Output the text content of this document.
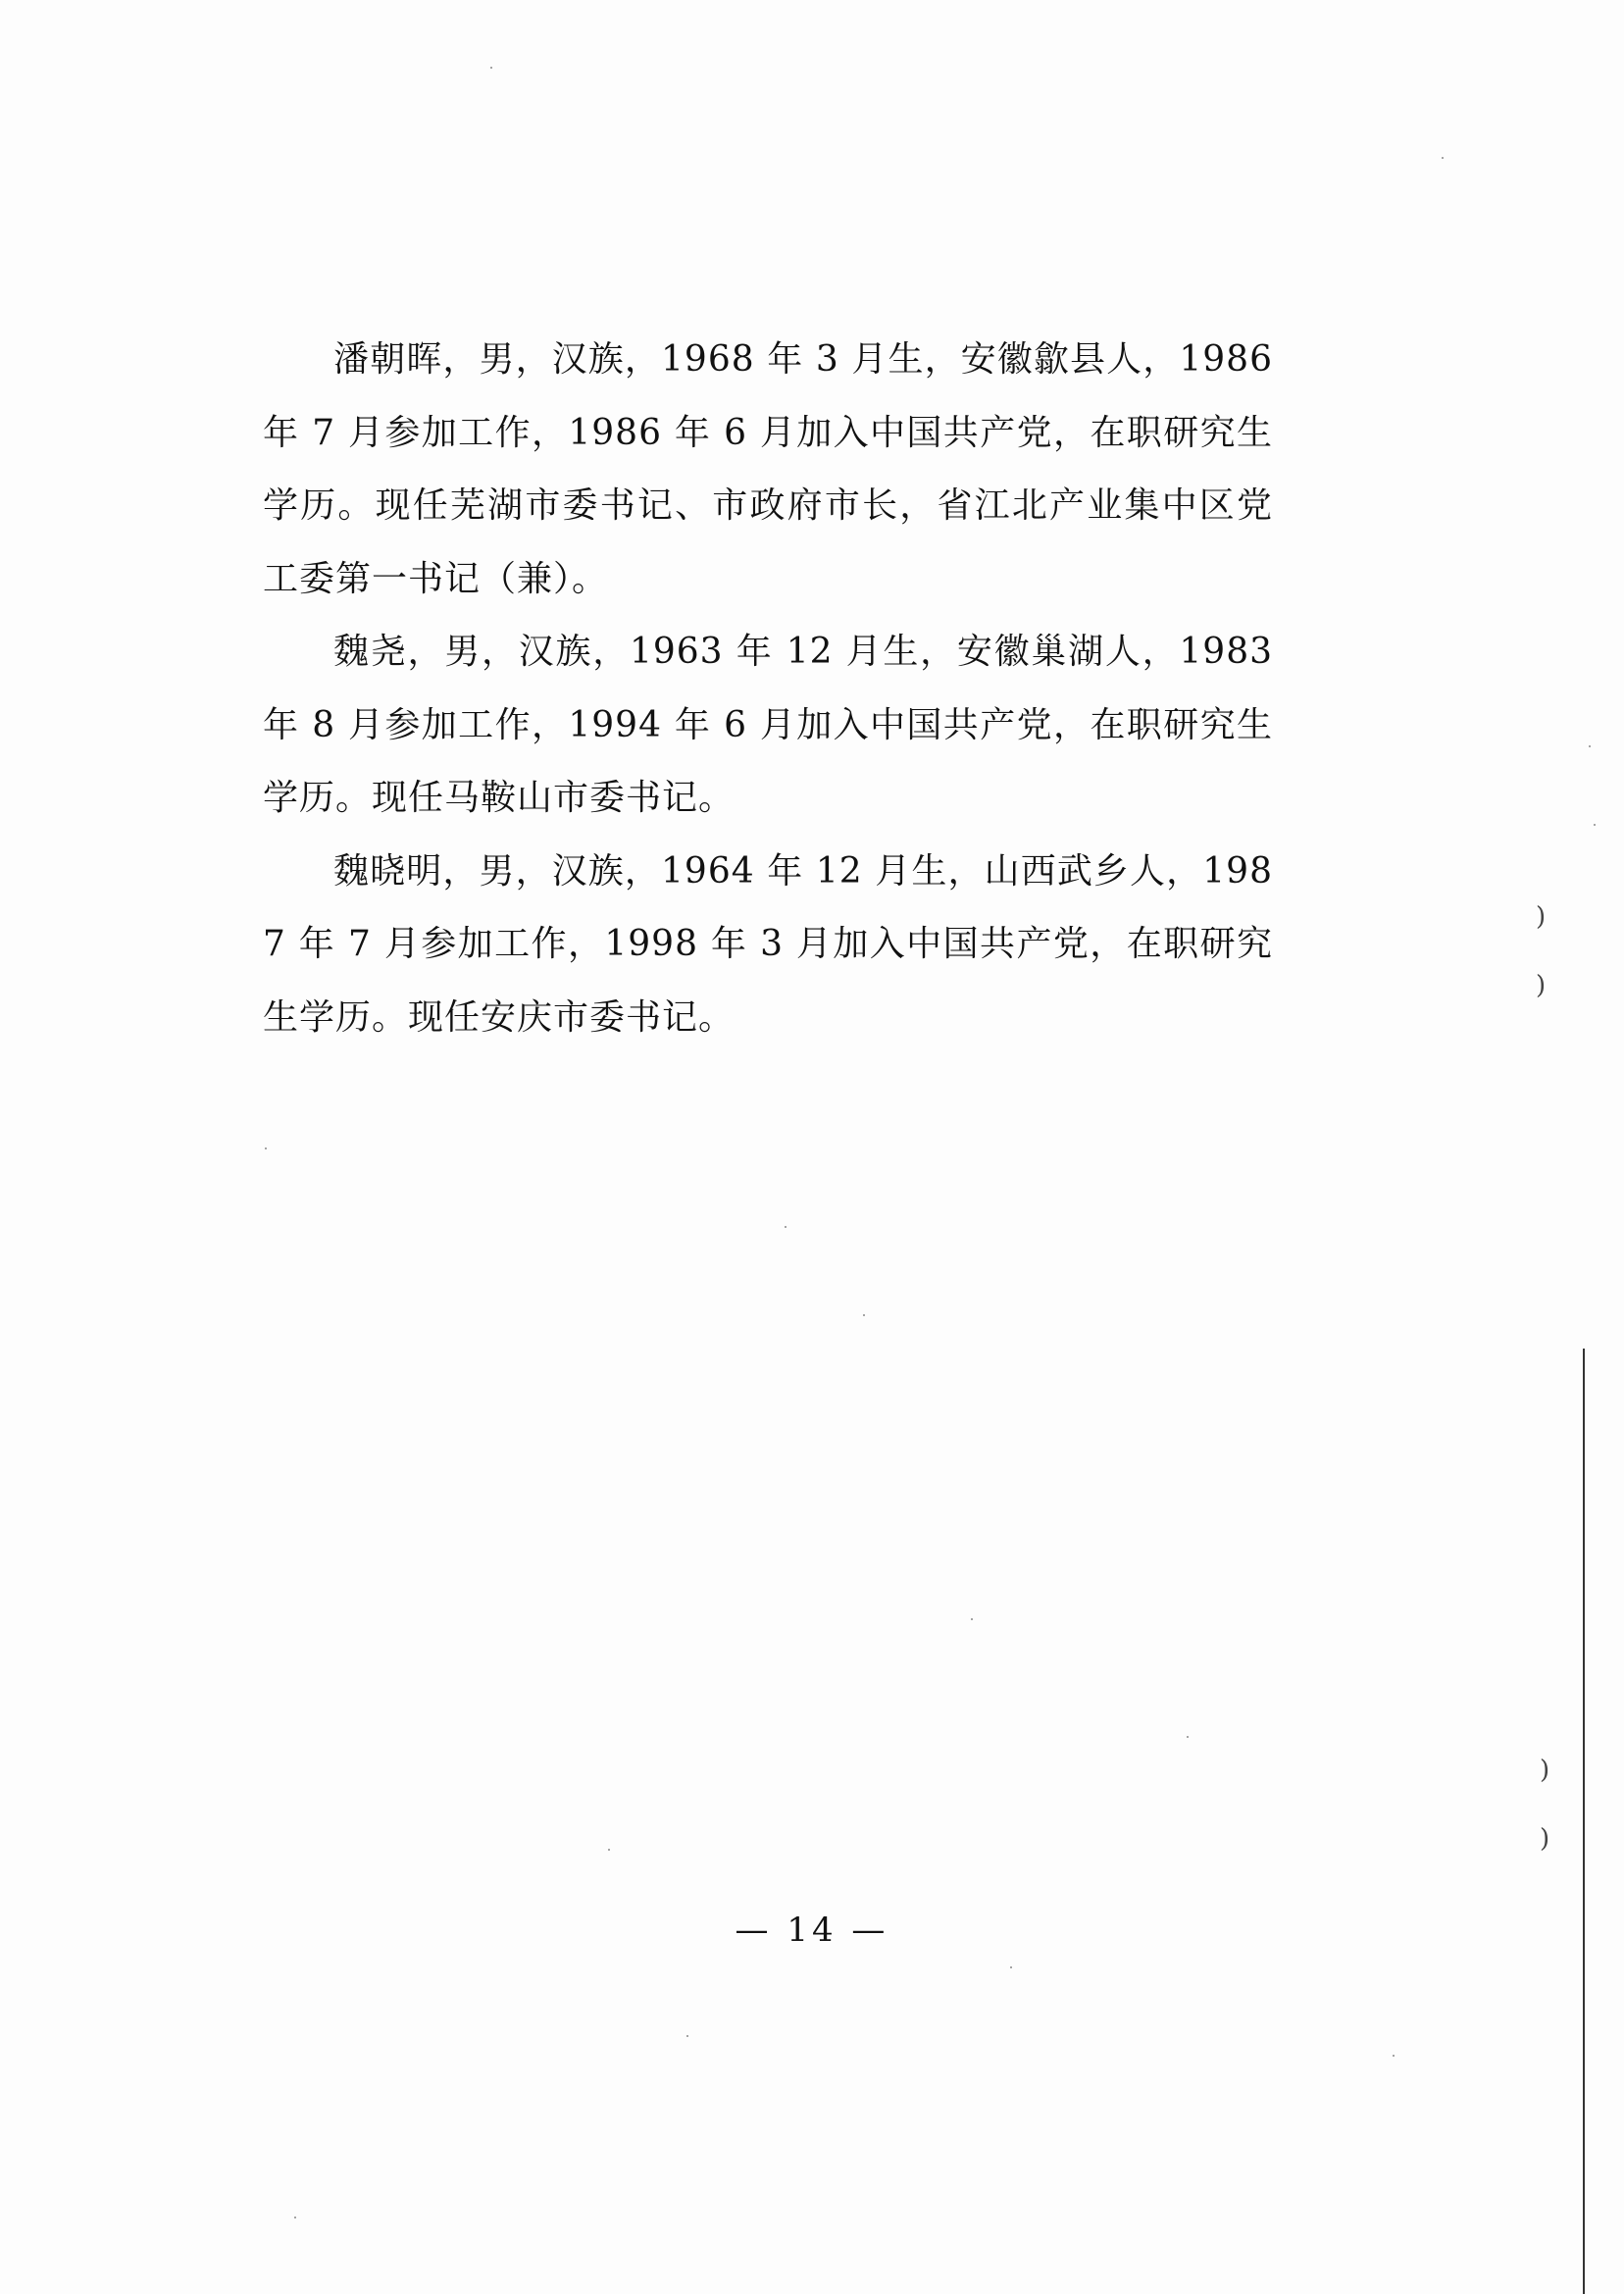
潘朝晖，男，汉族，1968 年 3 月生，安徽歙县人，1986 年 7 月参加工作，1986 年 6 月加入中国共产党，在职研究生学历。现任芜湖市委书记、市政府市长，省江北产业集中区党工委第一书记（兼）。

魏尧，男，汉族，1963 年 12 月生，安徽巢湖人，1983 年 8 月参加工作，1994 年 6 月加入中国共产党，在职研究生学历。现任马鞍山市委书记。

魏晓明，男，汉族，1964 年 12 月生，山西武乡人，1987 年 7 月参加工作，1998 年 3 月加入中国共产党，在职研究生学历。现任安庆市委书记。

— 14 —
)
)
)
)
